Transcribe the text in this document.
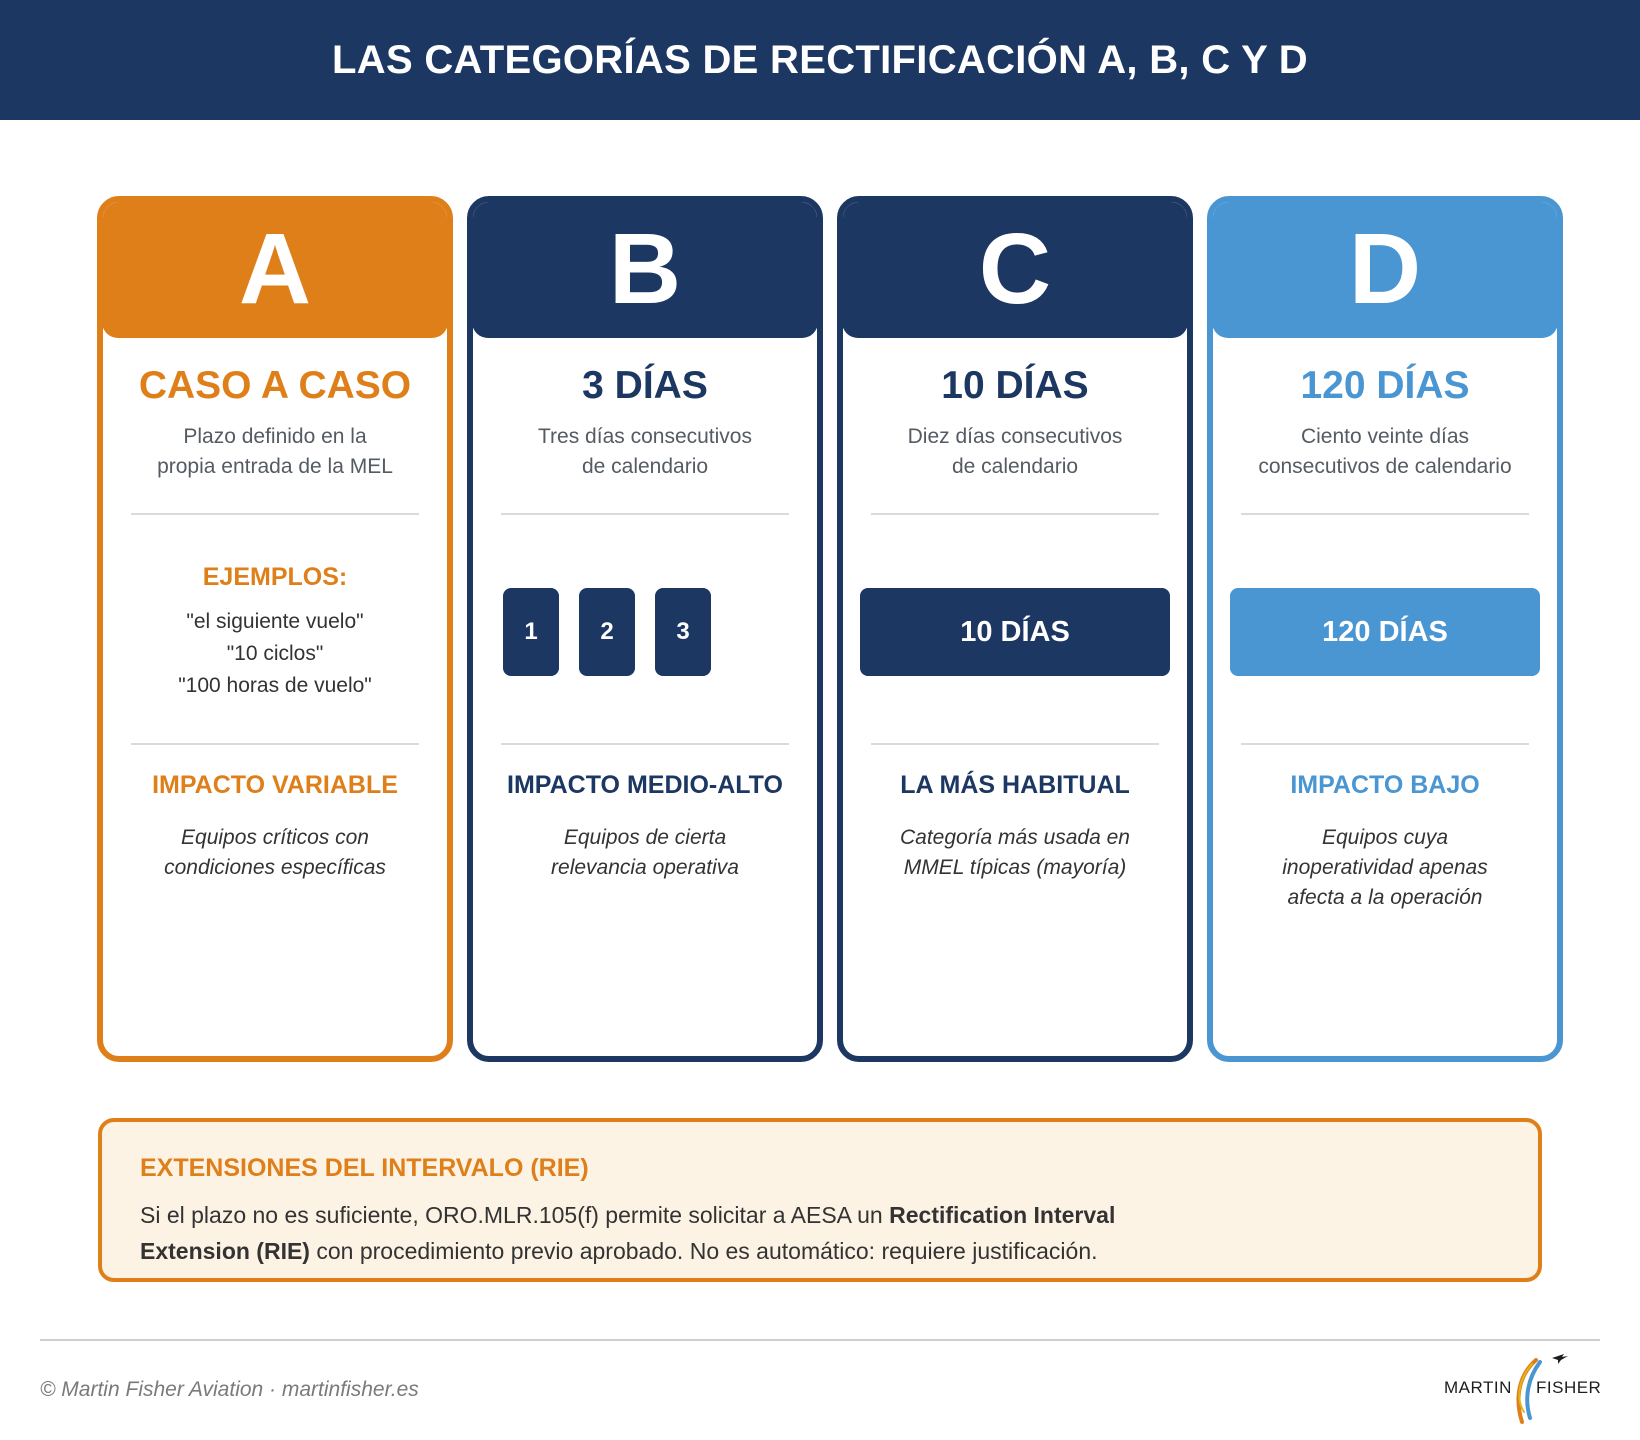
LAS CATEGORÍAS DE RECTIFICACIÓN A, B, C Y D
A
CASO A CASO
Plazo definido en la
propia entrada de la MEL
EJEMPLOS:
"el siguiente vuelo"
"10 ciclos"
"100 horas de vuelo"
IMPACTO VARIABLE
Equipos críticos con
condiciones específicas
B
3 DÍAS
Tres días consecutivos
de calendario
1	2	3
IMPACTO MEDIO-ALTO
Equipos de cierta
relevancia operativa
C
10 DÍAS
Diez días consecutivos
de calendario
10 DÍAS
LA MÁS HABITUAL
Categoría más usada en
MMEL típicas (mayoría)
D
120 DÍAS
Ciento veinte días
consecutivos de calendario
120 DÍAS
IMPACTO BAJO
Equipos cuya
inoperatividad apenas
afecta a la operación
EXTENSIONES DEL INTERVALO (RIE)
Si el plazo no es suficiente, ORO.MLR.105(f) permite solicitar a AESA un Rectification Interval Extension (RIE) con procedimiento previo aprobado. No es automático: requiere justificación.
© Martin Fisher Aviation · martinfisher.es	MARTIN FISHER
